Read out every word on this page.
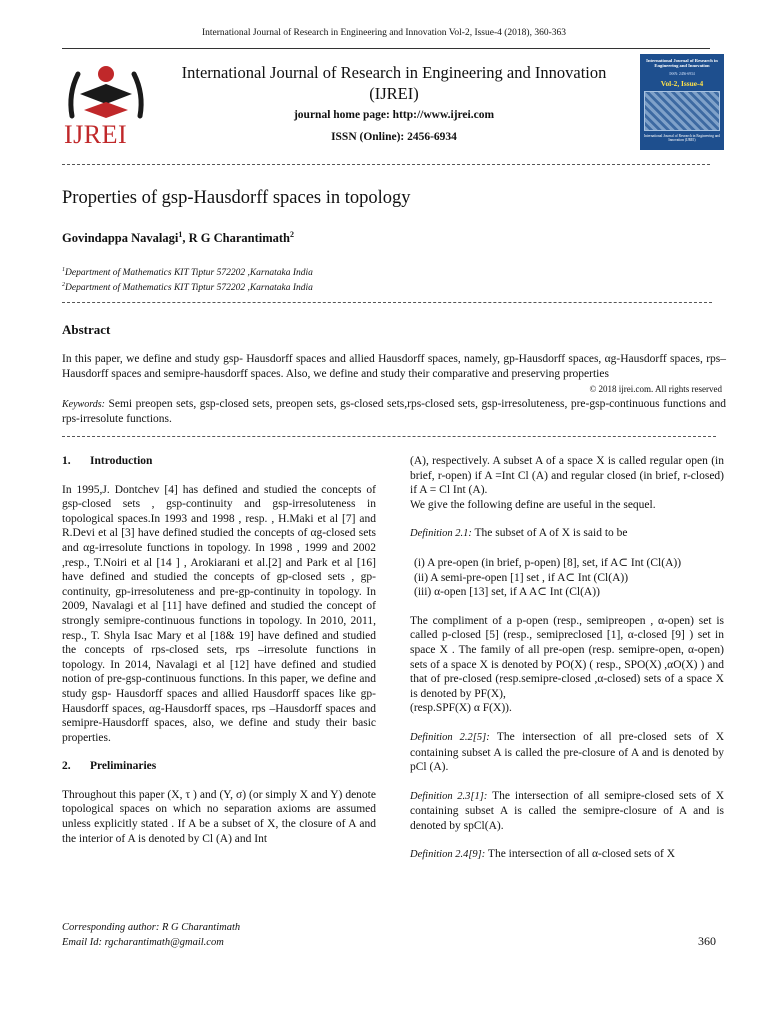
International Journal of Research in Engineering and Innovation Vol-2, Issue-4 (2018), 360-363
IJREI
International Journal of Research in Engineering and Innovation
(IJREI)
journal home page: http://www.ijrei.com
ISSN (Online): 2456-6934
International Journal of Research in Engineering and Innovation
ISSN: 2456-6934
Vol-2, Issue-4
International Journal of Research in Engineering and Innovation (IJREI)
Properties of gsp-Hausdorff spaces in topology
Govindappa Navalagi$^1$, R G Charantimath$^2$
$^1$Department of Mathematics KIT Tiptur 572202 ,Karnataka India
$^2$Department of Mathematics KIT Tiptur 572202 ,Karnataka India
Abstract
In this paper, we define and study gsp- Hausdorff spaces and allied Hausdorff spaces, namely, gp-Hausdorff spaces, αg-Hausdorff spaces, rps–Hausdorff spaces and semipre-hausdorff spaces. Also, we define and study their comparative and preserving properties
© 2018 ijrei.com. All rights reserved
Keywords: Semi preopen sets, gsp-closed sets, preopen sets, gs-closed sets,rps-closed sets, gsp-irresoluteness, pre-gsp-continuous functions and rps-irresolute functions.
1. Introduction

In 1995,J. Dontchev [4] has defined and studied the concepts of gsp-closed sets , gsp-continuity and gsp-irresoluteness in topological spaces.In 1993 and 1998 , resp. , H.Maki et al [7] and R.Devi et al [3] have defined studied the concepts of αg-closed sets and αg-irresolute functions in topology. In 1998 , 1999 and 2002 ,resp., T.Noiri et al [14 ] , Arokiarani et al.[2] and Park et al [16] have defined and studied the concepts of gp-closed sets , gp-continuity, gp-irresoluteness and pre-gp-continuity in topology. In 2009, Navalagi et al [11] have defined and studied the concept of strongly semipre-continuous functions in topology. In 2010, 2011, resp., T. Shyla Isac Mary et al [18& 19] have defined and studied the concepts of rps-closed sets, rps –irresolute functions in topology. In 2014, Navalagi et al [12] have defined and studied notion of pre-gsp-continuous functions. In this paper, we define and study gsp- Hausdorff spaces and allied Hausdorff spaces like gp-Hausdorff spaces, αg-Hausdorff spaces, rps –Hausdorff spaces and semipre-Hausdorff spaces, also, we define and study their basic properties.

2. Preliminaries

Throughout this paper (X, τ ) and (Y, σ) (or simply X and Y) denote topological spaces on which no separation axioms are assumed unless explicitly stated . If A be a subset of X, the closure of A and the interior of A is denoted by Cl (A) and Int

(A), respectively. A subset A of a space X is called regular open (in brief, r-open) if A =Int Cl (A) and regular closed (in brief, r-closed) if A = Cl Int (A).

We give the following define are useful in the sequel.

Definition 2.1: The subset of A of X is said to be

(i) A pre-open (in brief, p-open) [8], set, if A⊂ Int (Cl(A))
(ii) A semi-pre-open [1] set , if A⊂ Int (Cl(A))
(iii) α-open [13] set, if A A⊂ Int (Cl(A))

The compliment of a p-open (resp., semipreopen , α-open) set is called p-closed [5] (resp., semipreclosed [1], α-closed [9] ) set in space X . The family of all pre-open (resp. semipre-open, α-open) sets of a space X is denoted by PO(X) ( resp., SPO(X) ,αO(X) ) and that of pre-closed (resp.semipre-closed ,α-closed) sets of a space X is denoted by PF(X),

(resp.SPF(X) α F(X)).

Definition 2.2[5]: The intersection of all pre-closed sets of X containing subset A is called the pre-closure of A and is denoted by pCl (A).

Definition 2.3[1]: The intersection of all semipre-closed sets of X containing subset A is called the semipre-closure of A and is denoted by spCl(A).

Definition 2.4[9]: The intersection of all α-closed sets of X

Corresponding author: R G Charantimath
Email Id: rgcharantimath@gmail.com	360
